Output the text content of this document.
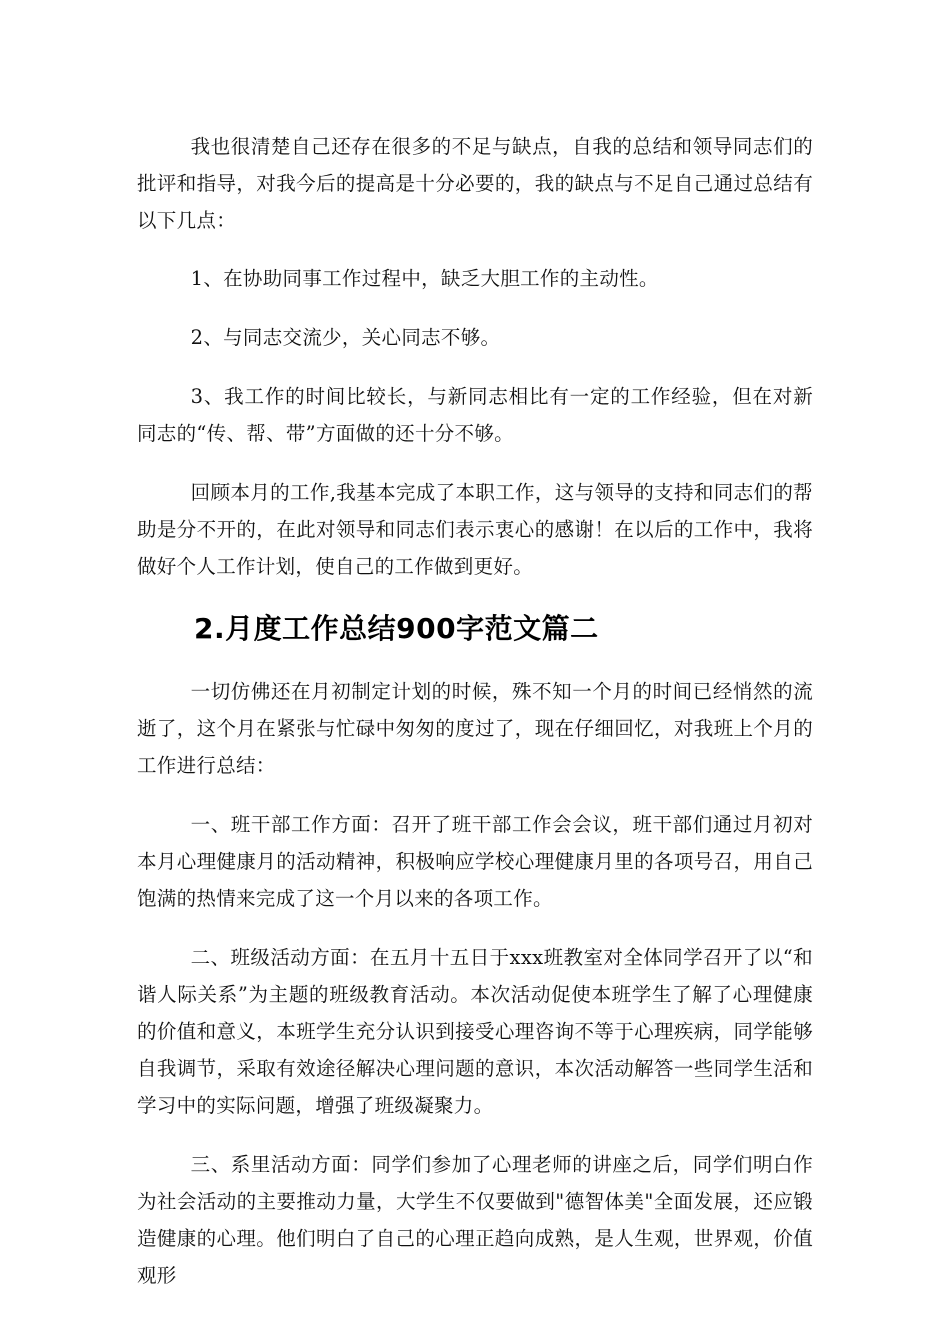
我也很清楚自己还存在很多的不足与缺点，自我的总结和领导同志们的批评和指导，对我今后的提高是十分必要的，我的缺点与不足自己通过总结有以下几点：

1、在协助同事工作过程中，缺乏大胆工作的主动性。

2、与同志交流少，关心同志不够。

3、我工作的时间比较长，与新同志相比有一定的工作经验，但在对新同志的“传、帮、带”方面做的还十分不够。

回顾本月的工作,我基本完成了本职工作，这与领导的支持和同志们的帮助是分不开的，在此对领导和同志们表示衷心的感谢！在以后的工作中，我将做好个人工作计划，使自己的工作做到更好。

2.月度工作总结900字范文篇二

一切仿佛还在月初制定计划的时候，殊不知一个月的时间已经悄然的流逝了，这个月在紧张与忙碌中匆匆的度过了，现在仔细回忆，对我班上个月的工作进行总结：

一、班干部工作方面：召开了班干部工作会会议，班干部们通过月初对本月心理健康月的活动精神，积极响应学校心理健康月里的各项号召，用自己饱满的热情来完成了这一个月以来的各项工作。

二、班级活动方面：在五月十五日于xxx班教室对全体同学召开了以“和谐人际关系”为主题的班级教育活动。本次活动促使本班学生了解了心理健康的价值和意义，本班学生充分认识到接受心理咨询不等于心理疾病，同学能够自我调节，采取有效途径解决心理问题的意识，本次活动解答一些同学生活和学习中的实际问题，增强了班级凝聚力。

三、系里活动方面：同学们参加了心理老师的讲座之后，同学们明白作为社会活动的主要推动力量，大学生不仅要做到"德智体美"全面发展，还应锻造健康的心理。他们明白了自己的心理正趋向成熟，是人生观，世界观，价值观形
